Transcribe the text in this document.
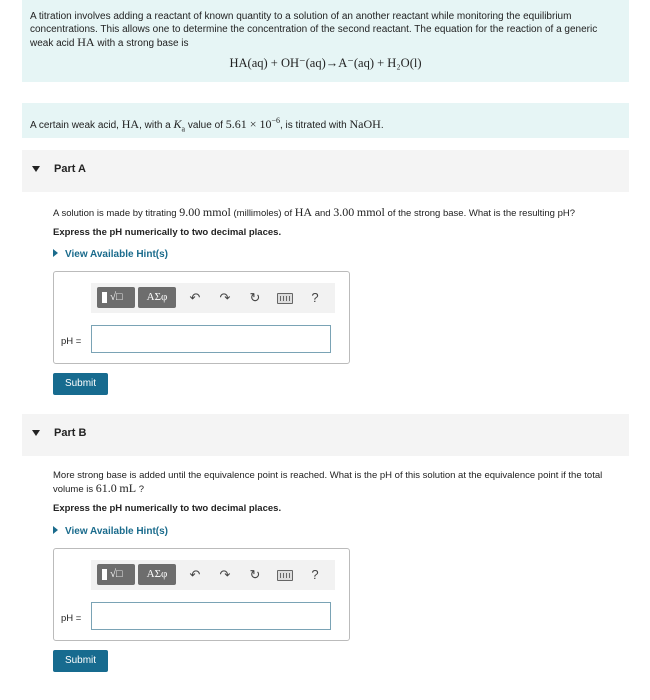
A titration involves adding a reactant of known quantity to a solution of an another reactant while monitoring the equilibrium concentrations. This allows one to determine the concentration of the second reactant. The equation for the reaction of a generic weak acid HA with a strong base is

HA(aq) + OH⁻(aq)→A⁻(aq) + H₂O(l)
A certain weak acid, HA, with a $K_a$ value of $5.61 \times 10^{-6}$, is titrated with NaOH.
Part A
A solution is made by titrating 9.00 mmol (millimoles) of HA and 3.00 mmol of the strong base. What is the resulting pH?
Express the pH numerically to two decimal places.
View Available Hint(s)
√□	ΑΣφ	↶	↷	↻	?
pH =
Submit
Part B
More strong base is added until the equivalence point is reached. What is the pH of this solution at the equivalence point if the total volume is 61.0 mL ?
Express the pH numerically to two decimal places.
View Available Hint(s)
√□	ΑΣφ	↶	↷	↻	?
pH =
Submit
